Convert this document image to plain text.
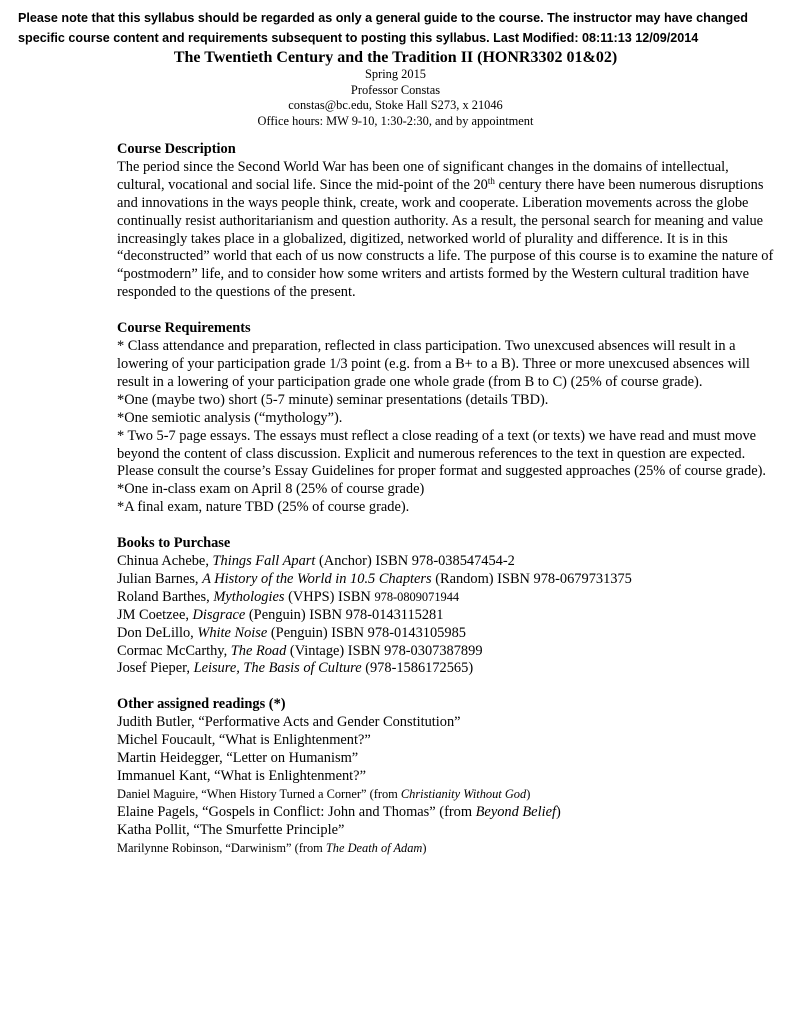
Please note that this syllabus should be regarded as only a general guide to the course. The instructor may have changed specific course content and requirements subsequent to posting this syllabus. Last Modified: 08:11:13 12/09/2014
The Twentieth Century and the Tradition II (HONR3302 01&02)
Spring 2015
Professor Constas
constas@bc.edu, Stoke Hall S273, x 21046
Office hours: MW 9-10, 1:30-2:30, and by appointment
Course Description

The period since the Second World War has been one of significant changes in the domains of intellectual, cultural, vocational and social life. Since the mid-point of the 20th century there have been numerous disruptions and innovations in the ways people think, create, work and cooperate. Liberation movements across the globe continually resist authoritarianism and question authority. As a result, the personal search for meaning and value increasingly takes place in a globalized, digitized, networked world of plurality and difference. It is in this “deconstructed” world that each of us now constructs a life. The purpose of this course is to examine the nature of “postmodern” life, and to consider how some writers and artists formed by the Western cultural tradition have responded to the questions of the present.

Course Requirements
* Class attendance and preparation, reflected in class participation. Two unexcused absences will result in a lowering of your participation grade 1/3 point (e.g. from a B+ to a B). Three or more unexcused absences will result in a lowering of your participation grade one whole grade (from B to C) (25% of course grade).
*One (maybe two) short (5-7 minute) seminar presentations (details TBD).
*One semiotic analysis (“mythology”).
* Two 5-7 page essays. The essays must reflect a close reading of a text (or texts) we have read and must move beyond the content of class discussion. Explicit and numerous references to the text in question are expected. Please consult the course’s Essay Guidelines for proper format and suggested approaches (25% of course grade).
*One in-class exam on April 8 (25% of course grade)
*A final exam, nature TBD (25% of course grade).
Books to Purchase
Chinua Achebe, Things Fall Apart (Anchor) ISBN 978-038547454-2
Julian Barnes, A History of the World in 10.5 Chapters (Random) ISBN 978-0679731375
Roland Barthes, Mythologies (VHPS) ISBN 978-0809071944
JM Coetzee, Disgrace (Penguin) ISBN 978-0143115281
Don DeLillo, White Noise (Penguin) ISBN 978-0143105985
Cormac McCarthy, The Road (Vintage) ISBN 978-0307387899
Josef Pieper, Leisure, The Basis of Culture (978-1586172565)
Other assigned readings (*)
Judith Butler, “Performative Acts and Gender Constitution”
Michel Foucault, “What is Enlightenment?”
Martin Heidegger, “Letter on Humanism”
Immanuel Kant, “What is Enlightenment?”
Daniel Maguire, “When History Turned a Corner” (from Christianity Without God)
Elaine Pagels, “Gospels in Conflict: John and Thomas” (from Beyond Belief)
Katha Pollit, “The Smurfette Principle”
Marilynne Robinson, “Darwinism” (from The Death of Adam)
